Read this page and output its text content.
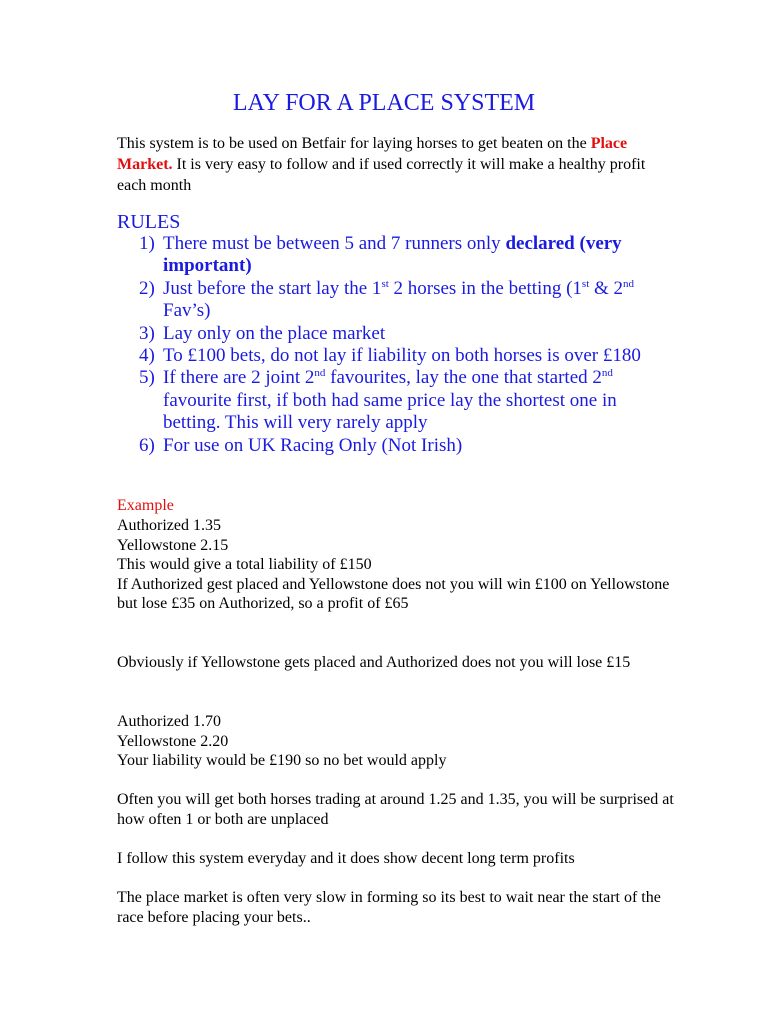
LAY FOR A PLACE SYSTEM
This system is to be used on Betfair for laying horses to get beaten on the Place Market. It is very easy to follow and if used correctly it will make a healthy profit each month
RULES
1) There must be between 5 and 7 runners only declared (very important)
2) Just before the start lay the 1st 2 horses in the betting (1st & 2nd Fav’s)
3) Lay only on the place market
4) To £100 bets, do not lay if liability on both horses is over £180
5) If there are 2 joint 2nd favourites, lay the one that started 2nd favourite first, if both had same price lay the shortest one in betting. This will very rarely apply
6) For use on UK Racing Only (Not Irish)
Example

Authorized 1.35

Yellowstone 2.15

This would give a total liability of £150

If Authorized gest placed and Yellowstone does not you will win £100 on Yellowstone but lose £35 on Authorized, so a profit of £65

Obviously if Yellowstone gets placed and Authorized does not you will lose £15

Authorized 1.70

Yellowstone 2.20

Your liability would be £190 so no bet would apply

Often you will get both horses trading at around 1.25 and 1.35, you will be surprised at how often 1 or both are unplaced

I follow this system everyday and it does show decent long term profits

The place market is often very slow in forming so its best to wait near the start of the race before placing your bets..
